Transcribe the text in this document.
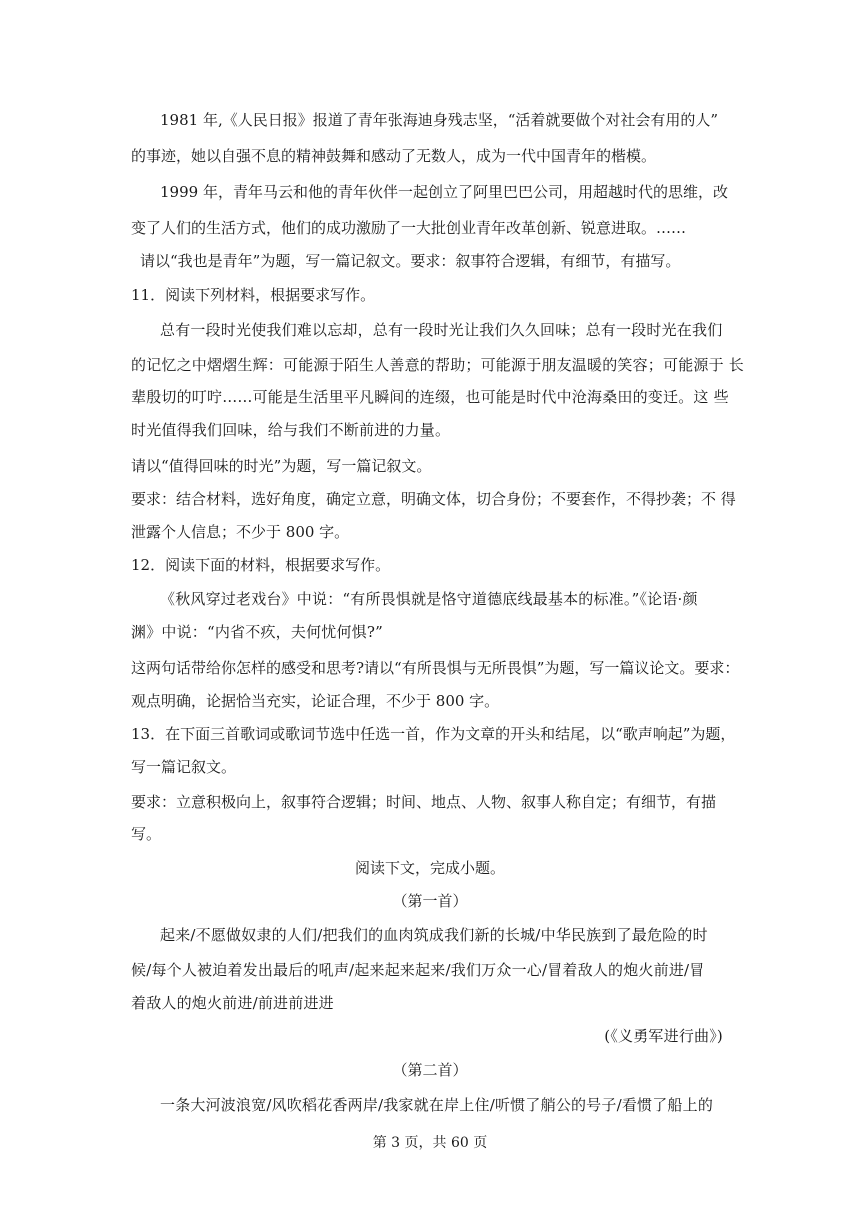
1981 年,《人民日报》报道了青年张海迪身残志坚，“活着就要做个对社会有用的人”
的事迹，她以自强不息的精神鼓舞和感动了无数人，成为一代中国青年的楷模。
1999 年，青年马云和他的青年伙伴一起创立了阿里巴巴公司，用超越时代的思维，改
变了人们的生活方式，他们的成功激励了一大批创业青年改革创新、锐意进取。……
请以“我也是青年”为题，写一篇记叙文。要求：叙事符合逻辑，有细节，有描写。
11．阅读下列材料，根据要求写作。
总有一段时光使我们难以忘却，总有一段时光让我们久久回味；总有一段时光在我们
的记忆之中熠熠生辉：可能源于陌生人善意的帮助；可能源于朋友温暖的笑容；可能源于 长
辈殷切的叮咛……可能是生活里平凡瞬间的连缀，也可能是时代中沧海桑田的变迁。这 些
时光值得我们回味，给与我们不断前进的力量。
请以“值得回味的时光”为题，写一篇记叙文。
要求：结合材料，选好角度，确定立意，明确文体，切合身份；不要套作，不得抄袭；不 得
泄露个人信息；不少于 800 字。
12．阅读下面的材料，根据要求写作。
《秋风穿过老戏台》中说：“有所畏惧就是恪守道德底线最基本的标准。”《论语·颜
渊》中说：“内省不疚，夫何忧何惧?”
这两句话带给你怎样的感受和思考?请以“有所畏惧与无所畏惧”为题，写一篇议论文。要求：
观点明确，论据恰当充实，论证合理，不少于 800 字。
13．在下面三首歌词或歌词节选中任选一首，作为文章的开头和结尾，以“歌声响起”为题，
写一篇记叙文。
要求：立意积极向上，叙事符合逻辑；时间、地点、人物、叙事人称自定；有细节，有描
写。
阅读下文，完成小题。
（第一首）
起来/不愿做奴隶的人们/把我们的血肉筑成我们新的长城/中华民族到了最危险的时
候/每个人被迫着发出最后的吼声/起来起来起来/我们万众一心/冒着敌人的炮火前进/冒
着敌人的炮火前进/前进前进进
(《义勇军进行曲》)
（第二首）
一条大河波浪宽/风吹稻花香两岸/我家就在岸上住/听惯了艄公的号子/看惯了船上的
第 3 页，共 60 页
